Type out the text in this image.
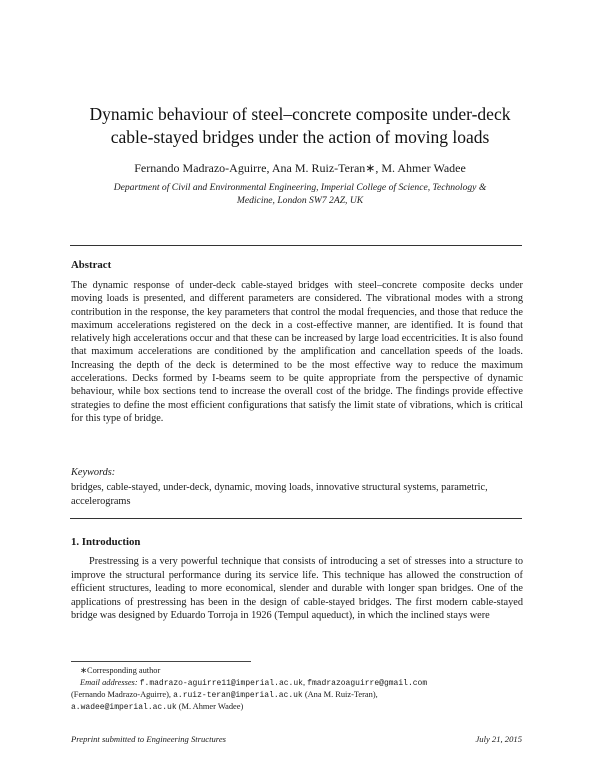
Dynamic behaviour of steel–concrete composite under-deck
cable-stayed bridges under the action of moving loads
Fernando Madrazo-Aguirre, Ana M. Ruiz-Teran∗, M. Ahmer Wadee
Department of Civil and Environmental Engineering, Imperial College of Science, Technology &
Medicine, London SW7 2AZ, UK
Abstract

The dynamic response of under-deck cable-stayed bridges with steel–concrete composite decks under moving loads is presented, and different parameters are considered. The vibrational modes with a strong contribution in the response, the key parameters that control the modal frequencies, and those that reduce the maximum accelerations registered on the deck in a cost-effective manner, are identified. It is found that relatively high accelerations occur and that these can be increased by large load eccentricities. It is also found that maximum accelerations are conditioned by the amplification and cancellation speeds of the loads. Increasing the depth of the deck is determined to be the most effective way to reduce the maximum accelerations. Decks formed by I-beams seem to be quite appropriate from the perspective of dynamic behaviour, while box sections tend to increase the overall cost of the bridge. The findings provide effective strategies to define the most efficient configurations that satisfy the limit state of vibrations, which is critical for this type of bridge.

Keywords:

bridges, cable-stayed, under-deck, dynamic, moving loads, innovative structural systems, parametric, accelerograms

1. Introduction

Prestressing is a very powerful technique that consists of introducing a set of stresses into a structure to improve the structural performance during its service life. This technique has allowed the construction of efficient structures, leading to more economical, slender and durable with longer span bridges. One of the applications of prestressing has been in the design of cable-stayed bridges. The first modern cable-stayed bridge was designed by Eduardo Torroja in 1926 (Tempul aqueduct), in which the inclined stays were

∗Corresponding author
Email addresses: f.madrazo-aguirre11@imperial.ac.uk, fmadrazoaguirre@gmail.com
(Fernando Madrazo-Aguirre), a.ruiz-teran@imperial.ac.uk (Ana M. Ruiz-Teran),
a.wadee@imperial.ac.uk (M. Ahmer Wadee)
Preprint submitted to Engineering Structures	July 21, 2015
